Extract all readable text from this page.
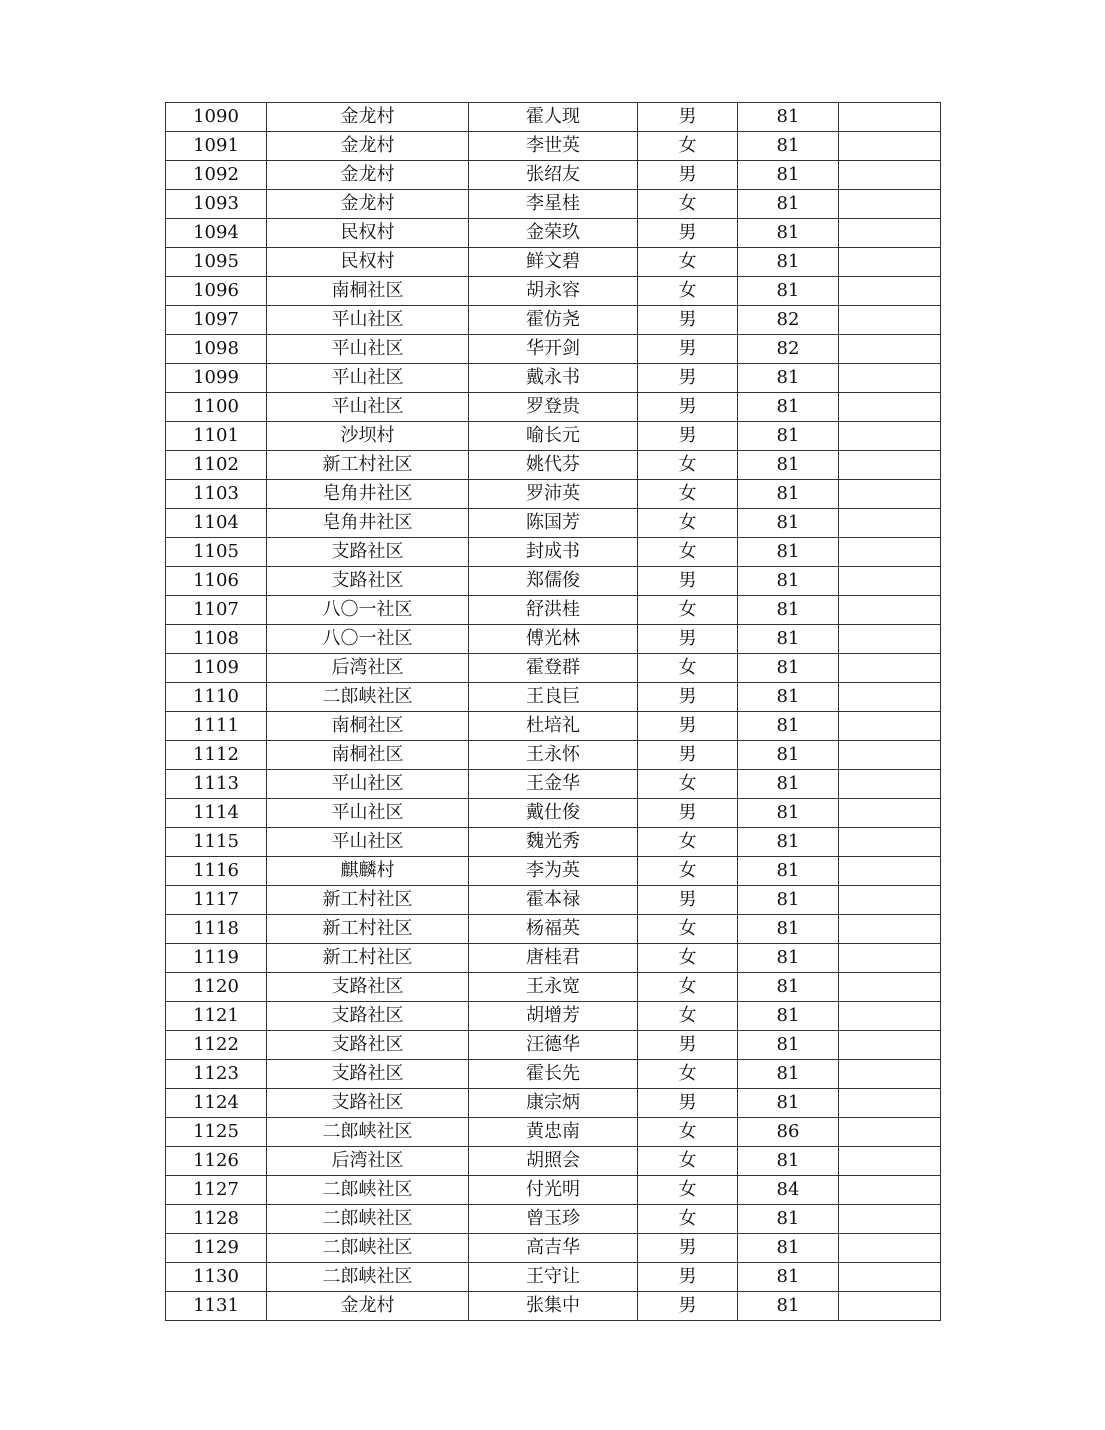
1090	金龙村	霍人现	男	81	
1091	金龙村	李世英	女	81	
1092	金龙村	张绍友	男	81	
1093	金龙村	李星桂	女	81	
1094	民权村	金荣玖	男	81	
1095	民权村	鲜文碧	女	81	
1096	南桐社区	胡永容	女	81	
1097	平山社区	霍仿尧	男	82	
1098	平山社区	华开剑	男	82	
1099	平山社区	戴永书	男	81	
1100	平山社区	罗登贵	男	81	
1101	沙坝村	喻长元	男	81	
1102	新工村社区	姚代芬	女	81	
1103	皂角井社区	罗沛英	女	81	
1104	皂角井社区	陈国芳	女	81	
1105	支路社区	封成书	女	81	
1106	支路社区	郑儒俊	男	81	
1107	八〇一社区	舒洪桂	女	81	
1108	八〇一社区	傅光林	男	81	
1109	后湾社区	霍登群	女	81	
1110	二郎峡社区	王良巨	男	81	
1111	南桐社区	杜培礼	男	81	
1112	南桐社区	王永怀	男	81	
1113	平山社区	王金华	女	81	
1114	平山社区	戴仕俊	男	81	
1115	平山社区	魏光秀	女	81	
1116	麒麟村	李为英	女	81	
1117	新工村社区	霍本禄	男	81	
1118	新工村社区	杨福英	女	81	
1119	新工村社区	唐桂君	女	81	
1120	支路社区	王永宽	女	81	
1121	支路社区	胡增芳	女	81	
1122	支路社区	汪德华	男	81	
1123	支路社区	霍长先	女	81	
1124	支路社区	康宗炳	男	81	
1125	二郎峡社区	黄忠南	女	86	
1126	后湾社区	胡照会	女	81	
1127	二郎峡社区	付光明	女	84	
1128	二郎峡社区	曾玉珍	女	81	
1129	二郎峡社区	高吉华	男	81	
1130	二郎峡社区	王守让	男	81	
1131	金龙村	张集中	男	81	
